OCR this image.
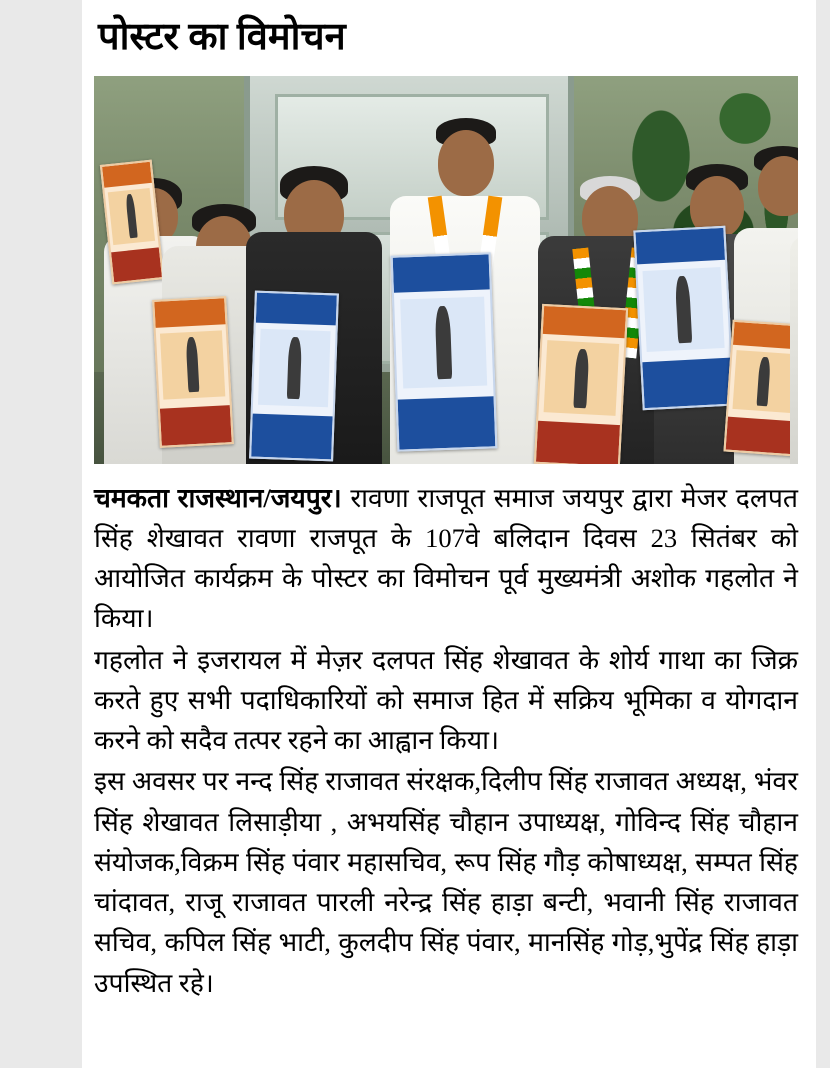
पोस्टर का विमोचन

चमकता राजस्थान/जयपुर। रावणा राजपूत समाज जयपुर द्वारा मेजर दलपत सिंह शेखावत रावणा राजपूत के 107वे बलिदान दिवस 23 सितंबर को आयोजित कार्यक्रम के पोस्टर का विमोचन पूर्व मुख्यमंत्री अशोक गहलोत ने किया।

गहलोत ने इजरायल में मेज़र दलपत सिंह शेखावत के शोर्य गाथा का जिक्र करते हुए सभी पदाधिकारियों को समाज हित में सक्रिय भूमिका व योगदान करने को सदैव तत्पर रहने का आह्वान किया।

इस अवसर पर नन्द सिंह राजावत संरक्षक,दिलीप सिंह राजावत अध्यक्ष, भंवर सिंह शेखावत लिसाड़ीया , अभयसिंह चौहान उपाध्यक्ष, गोविन्द सिंह चौहान संयोजक,विक्रम सिंह पंवार महासचिव, रूप सिंह गौड़ कोषाध्यक्ष, सम्पत सिंह चांदावत, राजू राजावत पारली नरेन्द्र सिंह हाड़ा बन्टी, भवानी सिंह राजावत सचिव, कपिल सिंह भाटी, कुलदीप सिंह पंवार, मानसिंह गोड़,भुपेंद्र सिंह हाड़ा उपस्थित रहे।
